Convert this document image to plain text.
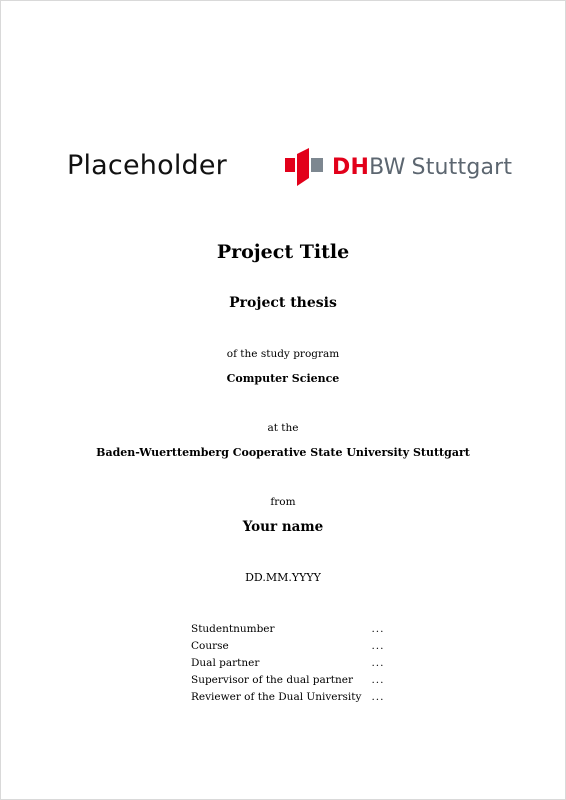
Placeholder	DHBW Stuttgart
Project Title
Project thesis
of the study program
Computer Science
at the
Baden-Wuerttemberg Cooperative State University Stuttgart
from
Your name
DD.MM.YYYY
Studentnumber	...
Course	...
Dual partner	...
Supervisor of the dual partner	...
Reviewer of the Dual University	...
